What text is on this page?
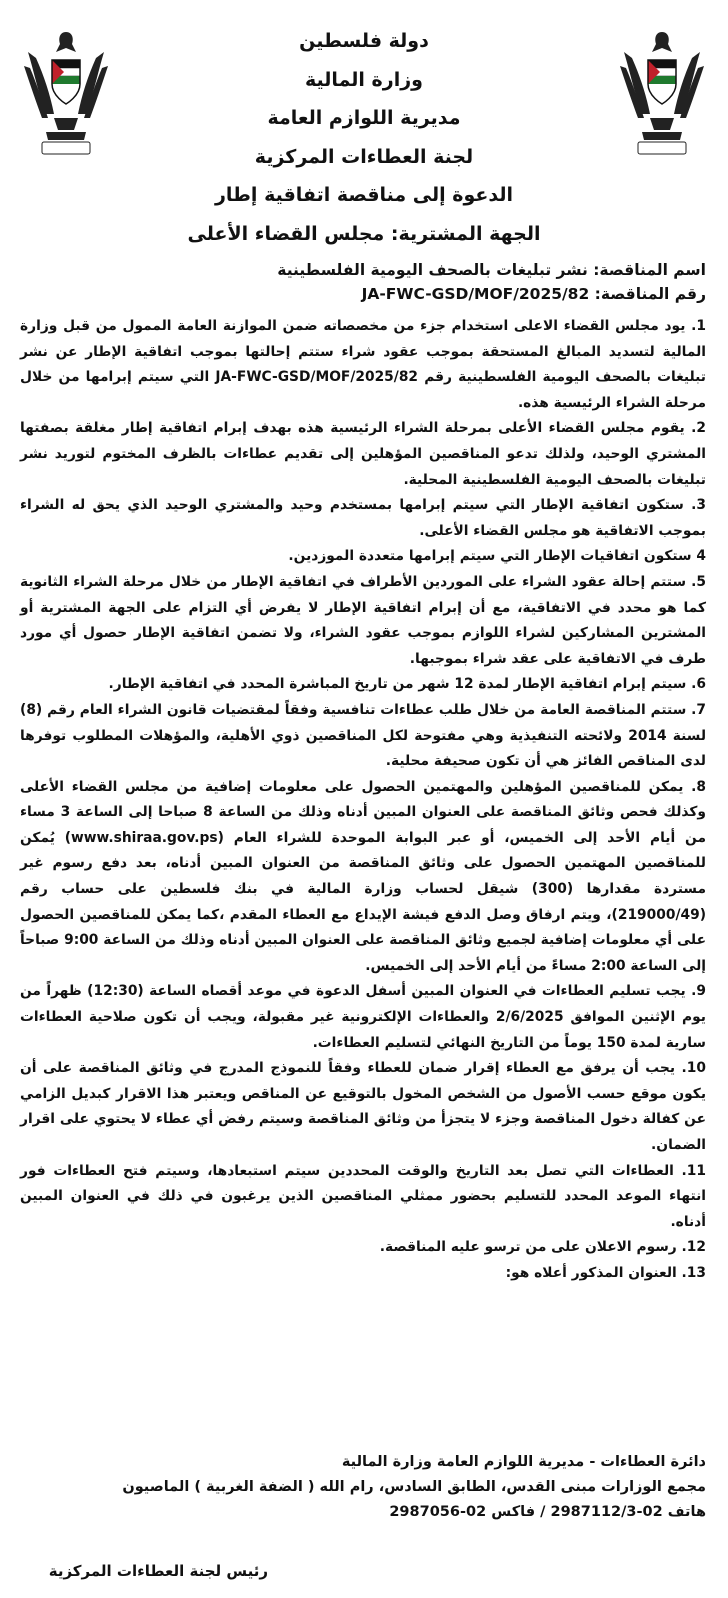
دولة فلسطين
وزارة المالية
مديرية اللوازم العامة
لجنة العطاءات المركزية
الدعوة إلى مناقصة اتفاقية إطار
الجهة المشترية: مجلس القضاء الأعلى
اسم المناقصة: نشر تبليغات بالصحف اليومية الفلسطينية
رقم المناقصة: JA-FWC-GSD/MOF/2025/82

1. يود مجلس القضاء الاعلى استخدام جزء من مخصصاته ضمن الموازنة العامة الممول من قبل وزارة المالية لتسديد المبالغ المستحقة بموجب عقود شراء ستتم إحالتها بموجب اتفاقية الإطار عن نشر تبليغات بالصحف اليومية الفلسطينية رقم JA-FWC-GSD/MOF/2025/82 التي سيتم إبرامها من خلال مرحلة الشراء الرئيسية هذه.

2. يقوم مجلس القضاء الأعلى بمرحلة الشراء الرئيسية هذه بهدف إبرام اتفاقية إطار مغلقة بصفتها المشتري الوحيد، ولذلك تدعو المناقصين المؤهلين إلى تقديم عطاءات بالظرف المختوم لتوريد نشر تبليغات بالصحف اليومية الفلسطينية المحلية.

3. ستكون اتفاقية الإطار التي سيتم إبرامها بمستخدم وحيد والمشتري الوحيد الذي يحق له الشراء بموجب الاتفاقية هو مجلس القضاء الأعلى.

4 ستكون اتفاقيات الإطار التي سيتم إبرامها متعددة الموزدين.

5. ستتم إحالة عقود الشراء على الموردين الأطراف في اتفاقية الإطار من خلال مرحلة الشراء الثانوية كما هو محدد في الاتفاقية، مع أن إبرام اتفاقية الإطار لا يفرض أي التزام على الجهة المشترية أو المشترين المشاركين لشراء اللوازم بموجب عقود الشراء، ولا تضمن اتفاقية الإطار حصول أي مورد طرف في الاتفاقية على عقد شراء بموجبها.

6. سيتم إبرام اتفاقية الإطار لمدة 12 شهر من تاريخ المباشرة المحدد في اتفاقية الإطار.

7. ستتم المناقصة العامة من خلال طلب عطاءات تنافسية وفقاً لمقتضيات قانون الشراء العام رقم (8) لسنة 2014 ولائحته التنفيذية وهي مفتوحة لكل المناقصين ذوي الأهلية، والمؤهلات المطلوب توفرها لدى المناقص الفائز هي أن تكون صحيفة محلية.

8. يمكن للمناقصين المؤهلين والمهتمين الحصول على معلومات إضافية من مجلس القضاء الأعلى وكذلك فحص وثائق المناقصة على العنوان المبين أدناه وذلك من الساعة 8 صباحا إلى الساعة 3 مساء من أيام الأحد إلى الخميس، أو عبر البوابة الموحدة للشراء العام (www.shiraa.gov.ps) يُمكن للمناقصين المهتمين الحصول على وثائق المناقصة من العنوان المبين أدناه، بعد دفع رسوم غير مستردة مقدارها (300) شيقل لحساب وزارة المالية في بنك فلسطين على حساب رقم (219000/49)، ويتم ارفاق وصل الدفع فيشة الإيداع مع العطاء المقدم ،كما يمكن للمناقصين الحصول على أي معلومات إضافية لجميع وثائق المناقصة على العنوان المبين أدناه وذلك من الساعة 9:00 صباحاً إلى الساعة 2:00 مساءً من أيام الأحد إلى الخميس.

9. يجب تسليم العطاءات في العنوان المبين أسفل الدعوة في موعد أقصاه الساعة (12:30) ظهراً من يوم الإثنين الموافق 2/6/2025 والعطاءات الإلكترونية غير مقبولة، ويجب أن تكون صلاحية العطاءات سارية لمدة 150 يوماً من التاريخ النهائي لتسليم العطاءات.

10. يجب أن يرفق مع العطاء إقرار ضمان للعطاء وفقاً للنموذج المدرج في وثائق المناقصة على أن يكون موقع حسب الأصول من الشخص المخول بالتوقيع عن المناقص ويعتبر هذا الاقرار كبديل الزامي عن كفالة دخول المناقصة وجزء لا يتجزأ من وثائق المناقصة وسيتم رفض أي عطاء لا يحتوي على اقرار الضمان.

11. العطاءات التي تصل بعد التاريخ والوقت المحددين سيتم استبعادها، وسيتم فتح العطاءات فور انتهاء الموعد المحدد للتسليم بحضور ممثلي المناقصين الذين يرغبون في ذلك في العنوان المبين أدناه.

12. رسوم الاعلان على من ترسو عليه المناقصة.

13. العنوان المذكور أعلاه هو:

دائرة العطاءات - مديرية اللوازم العامة وزارة المالية
مجمع الوزارات مبنى القدس، الطابق السادس، رام الله ( الضفة الغربية ) الماصيون
هاتف 02-2987112/3 / فاكس 02-2987056
رئيس لجنة العطاءات المركزية
